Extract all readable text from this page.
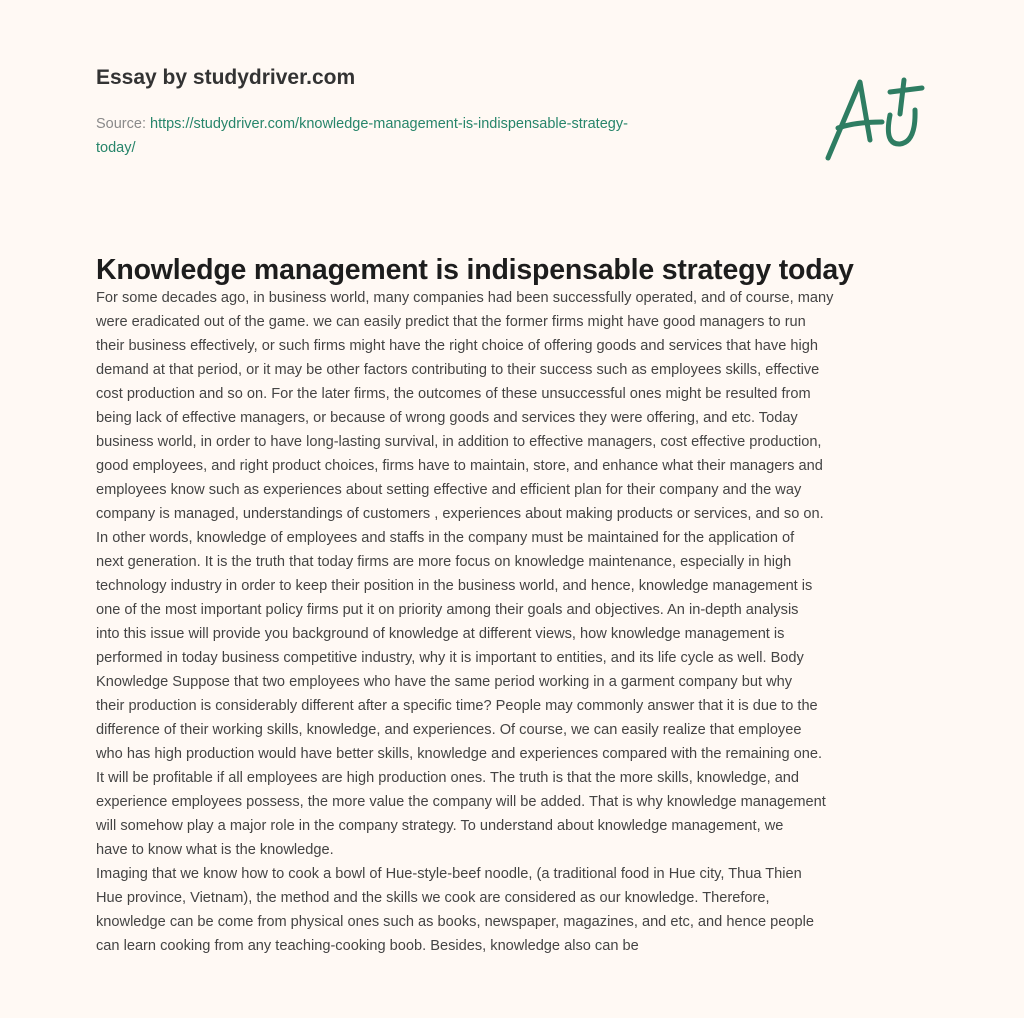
Essay by studydriver.com
Source: https://studydriver.com/knowledge-management-is-indispensable-strategy-
today/
Knowledge management is indispensable strategy today
For some decades ago, in business world, many companies had been successfully operated, and of course, many
were eradicated out of the game. we can easily predict that the former firms might have good managers to run
their business effectively, or such firms might have the right choice of offering goods and services that have high
demand at that period, or it may be other factors contributing to their success such as employees skills, effective
cost production and so on. For the later firms, the outcomes of these unsuccessful ones might be resulted from
being lack of effective managers, or because of wrong goods and services they were offering, and etc. Today
business world, in order to have long-lasting survival, in addition to effective managers, cost effective production,
good employees, and right product choices, firms have to maintain, store, and enhance what their managers and
employees know such as experiences about setting effective and efficient plan for their company and the way
company is managed, understandings of customers , experiences about making products or services, and so on.
In other words, knowledge of employees and staffs in the company must be maintained for the application of
next generation. It is the truth that today firms are more focus on knowledge maintenance, especially in high
technology industry in order to keep their position in the business world, and hence, knowledge management is
one of the most important policy firms put it on priority among their goals and objectives. An in-depth analysis
into this issue will provide you background of knowledge at different views, how knowledge management is
performed in today business competitive industry, why it is important to entities, and its life cycle as well. Body
Knowledge Suppose that two employees who have the same period working in a garment company but why
their production is considerably different after a specific time? People may commonly answer that it is due to the
difference of their working skills, knowledge, and experiences. Of course, we can easily realize that employee
who has high production would have better skills, knowledge and experiences compared with the remaining one.
It will be profitable if all employees are high production ones. The truth is that the more skills, knowledge, and
experience employees possess, the more value the company will be added. That is why knowledge management
will somehow play a major role in the company strategy. To understand about knowledge management, we
have to know what is the knowledge.
Imaging that we know how to cook a bowl of Hue-style-beef noodle, (a traditional food in Hue city, Thua Thien
Hue province, Vietnam), the method and the skills we cook are considered as our knowledge. Therefore,
knowledge can be come from physical ones such as books, newspaper, magazines, and etc, and hence people
can learn cooking from any teaching-cooking boob. Besides, knowledge also can be
